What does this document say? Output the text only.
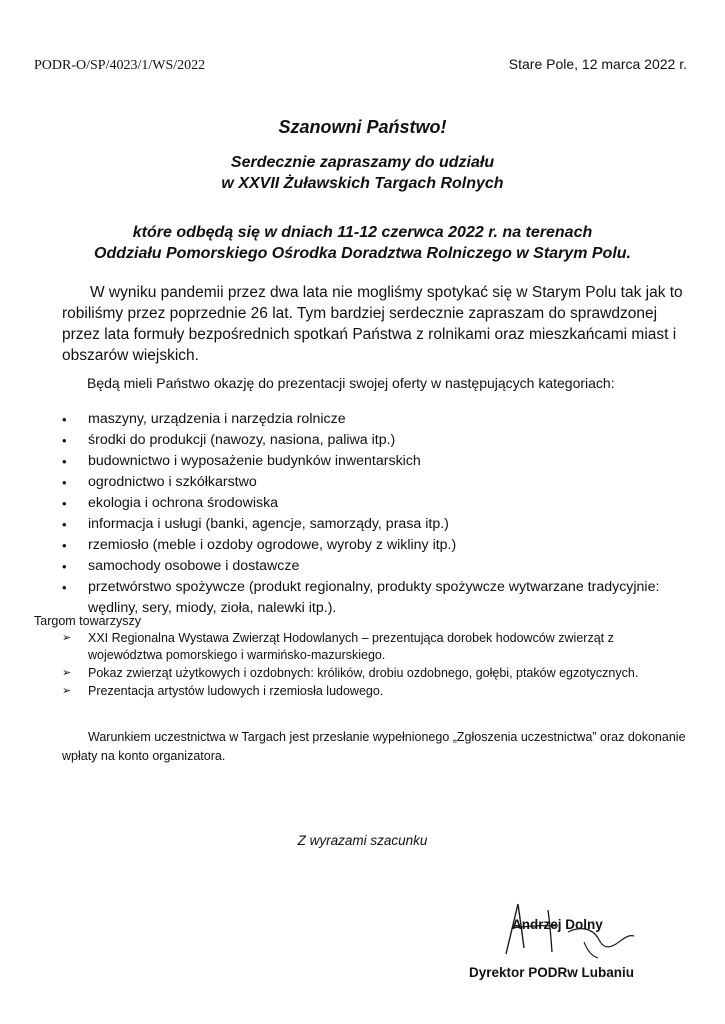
PODR-O/SP/4023/1/WS/2022	Stare Pole, 12 marca 2022 r.
Szanowni Państwo!
Serdecznie zapraszamy do udziału
w XXVII Żuławskich Targach Rolnych
które odbędą się w dniach 11-12 czerwca 2022 r. na terenach
Oddziału Pomorskiego Ośrodka Doradztwa Rolniczego w Starym Polu.
W wyniku pandemii przez dwa lata nie mogliśmy spotykać się w Starym Polu tak jak to robiliśmy przez poprzednie 26 lat. Tym bardziej serdecznie zapraszam do sprawdzonej przez lata formuły bezpośrednich spotkań Państwa z rolnikami oraz mieszkańcami miast i obszarów wiejskich.
Będą mieli Państwo okazję do prezentacji swojej oferty w następujących kategoriach:
• maszyny, urządzenia i narzędzia rolnicze
• środki do produkcji (nawozy, nasiona, paliwa itp.)
• budownictwo i wyposażenie budynków inwentarskich
• ogrodnictwo i szkółkarstwo
• ekologia i ochrona środowiska
• informacja i usługi (banki, agencje, samorządy, prasa itp.)
• rzemiosło (meble i ozdoby ogrodowe, wyroby z wikliny itp.)
• samochody osobowe i dostawcze
• przetwórstwo spożywcze (produkt regionalny, produkty spożywcze wytwarzane tradycyjnie: wędliny, sery, miody, zioła, nalewki itp.).
Targom towarzyszy
➢ XXI Regionalna Wystawa Zwierząt Hodowlanych – prezentująca dorobek hodowców zwierząt z województwa pomorskiego i warmińsko-mazurskiego.
➢ Pokaz zwierząt użytkowych i ozdobnych: królików, drobiu ozdobnego, gołębi, ptaków egzotycznych.
➢ Prezentacja artystów ludowych i rzemiosła ludowego.
Warunkiem uczestnictwa w Targach jest przesłanie wypełnionego „Zgłoszenia uczestnictwa” oraz dokonanie wpłaty na konto organizatora.
Z wyrazami szacunku
Andrzej Dolny
Dyrektor PODRw Lubaniu
